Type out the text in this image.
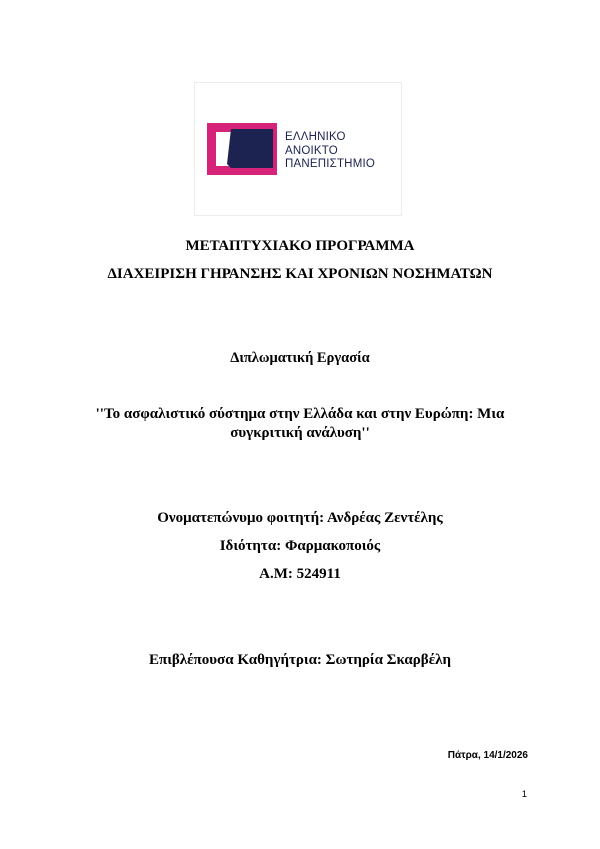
ΕΛΛΗΝΙΚΟ
ΑΝΟΙΚΤΟ
ΠΑΝΕΠΙΣΤΗΜΙΟ
ΜΕΤΑΠΤΥΧΙΑΚΟ ΠΡΟΓΡΑΜΜΑ
ΔΙΑΧΕΙΡΙΣΗ ΓΗΡΑΝΣΗΣ ΚΑΙ ΧΡΟΝΙΩΝ ΝΟΣΗΜΑΤΩΝ
Διπλωματική Εργασία
''Το ασφαλιστικό σύστημα στην Ελλάδα και στην Ευρώπη: Μια συγκριτική ανάλυση''
Ονοματεπώνυμο φοιτητή: Ανδρέας Ζεντέλης
Ιδιότητα: Φαρμακοποιός
Α.Μ: 524911
Επιβλέπουσα Καθηγήτρια: Σωτηρία Σκαρβέλη
Πάτρα, 14/1/2026
1
